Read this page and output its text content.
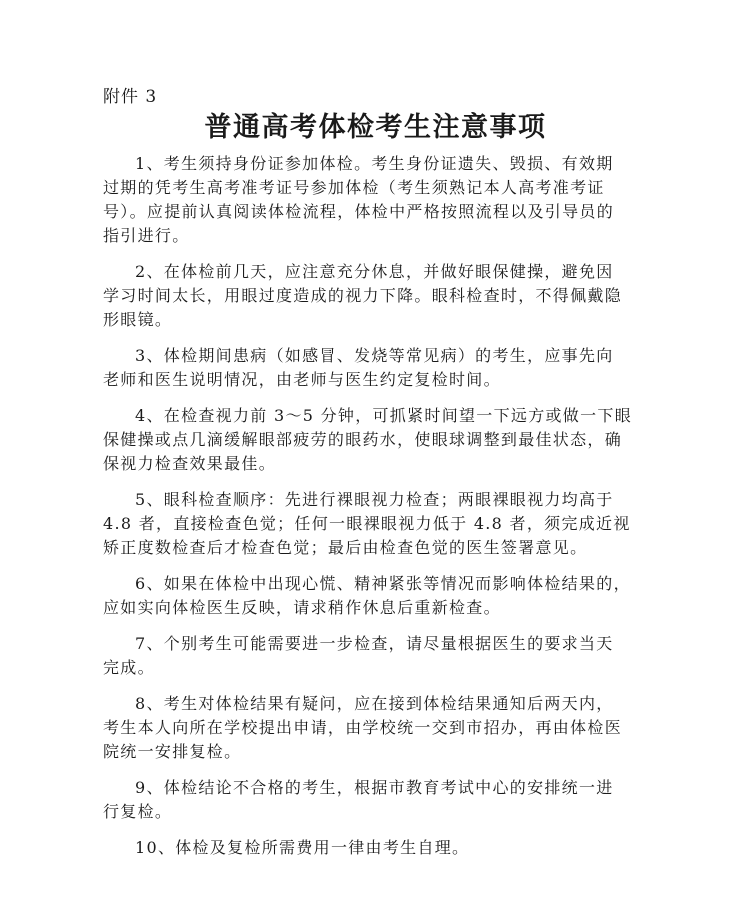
附件 3
普通高考体检考生注意事项
1、考生须持身份证参加体检。考生身份证遗失、毁损、有效期
过期的凭考生高考准考证号参加体检（考生须熟记本人高考准考证
号）。应提前认真阅读体检流程，体检中严格按照流程以及引导员的
指引进行。
2、在体检前几天，应注意充分休息，并做好眼保健操，避免因
学习时间太长，用眼过度造成的视力下降。眼科检查时，不得佩戴隐
形眼镜。
3、体检期间患病（如感冒、发烧等常见病）的考生，应事先向
老师和医生说明情况，由老师与医生约定复检时间。
4、在检查视力前 3～5 分钟，可抓紧时间望一下远方或做一下眼
保健操或点几滴缓解眼部疲劳的眼药水，使眼球调整到最佳状态，确
保视力检查效果最佳。
5、眼科检查顺序：先进行裸眼视力检查；两眼裸眼视力均高于
4.8 者，直接检查色觉；任何一眼裸眼视力低于 4.8 者，须完成近视
矫正度数检查后才检查色觉；最后由检查色觉的医生签署意见。
6、如果在体检中出现心慌、精神紧张等情况而影响体检结果的，
应如实向体检医生反映，请求稍作休息后重新检查。
7、个别考生可能需要进一步检查，请尽量根据医生的要求当天
完成。
8、考生对体检结果有疑问，应在接到体检结果通知后两天内，
考生本人向所在学校提出申请，由学校统一交到市招办，再由体检医
院统一安排复检。
9、体检结论不合格的考生，根据市教育考试中心的安排统一进
行复检。
10、体检及复检所需费用一律由考生自理。
